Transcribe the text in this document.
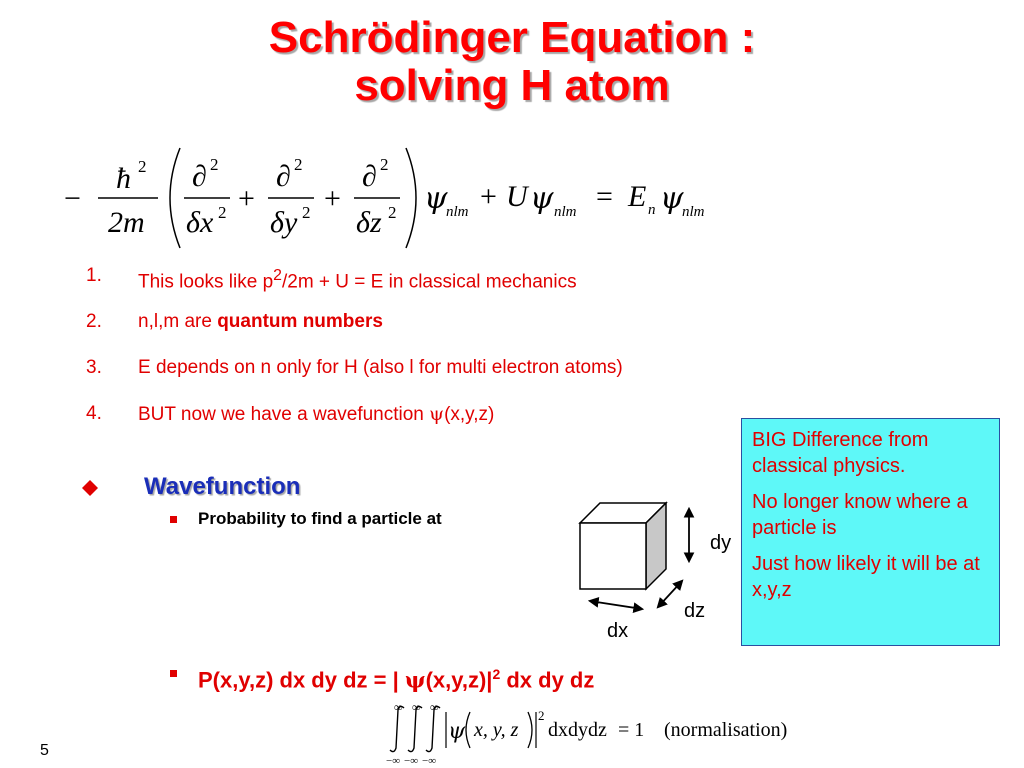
Schrödinger Equation :
solving H atom
−
ħ 2
2m
∂ 2
δx 2 +
∂ 2
δy 2 +
∂ 2
δz 2 ψ
nlm + U ψ nlm = E n ψ
nlm
1.	This looks like $p^2/2m + U = E$ in classical mechanics
2.	n,l,m are quantum numbers
3.	E depends on n only for H (also l for multi electron atoms)
4.	BUT now we have a wavefunction ψ(x,y,z)

BIG Difference from classical physics.

No longer know where a particle is

Just how likely it will be at x,y,z

Wavefunction
Probability to find a particle at
P(x,y,z) dx dy dz = | $\psi(x,y,z)|^2$ dx dy dz
dy
dz
dx
∞ ∞ ∞
−∞ −∞ −∞
ψ x, y, z
2
dxdydz = 1 (normalisation)
5
